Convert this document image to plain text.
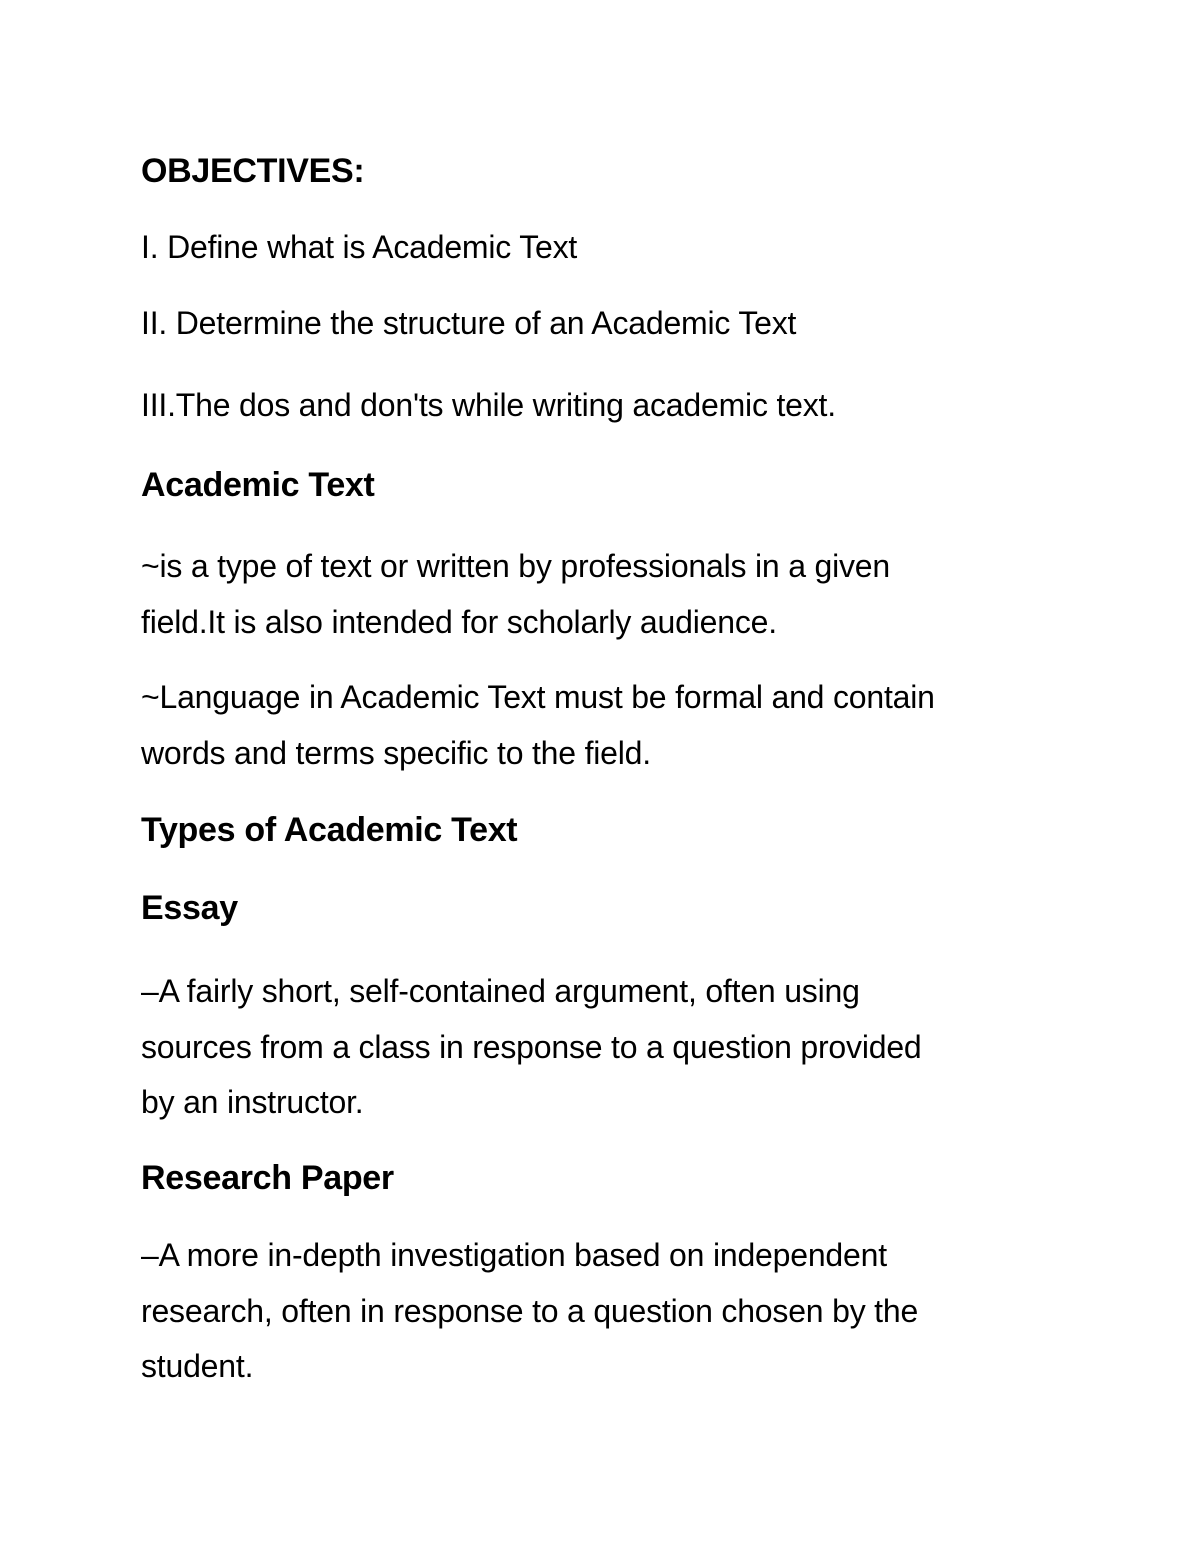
OBJECTIVES:
I. Define what is Academic Text
II. Determine the structure of an Academic Text
III.The dos and don'ts while writing academic text.
Academic Text
~is a type of text or written by professionals in a given
field.It is also intended for scholarly audience.
~Language in Academic Text must be formal and contain
words and terms specific to the field.
Types of Academic Text
Essay
–A fairly short, self-contained argument, often using
sources from a class in response to a question provided
by an instructor.
Research Paper
–A more in-depth investigation based on independent
research, often in response to a question chosen by the
student.
